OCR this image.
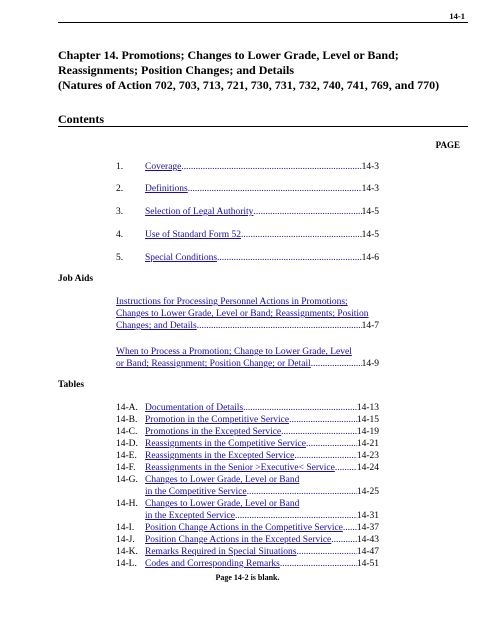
14-1
Chapter 14. Promotions; Changes to Lower Grade, Level or Band;
Reassignments; Position Changes; and Details
(Natures of Action 702, 703, 713, 721, 730, 731, 732, 740, 741, 769, and 770)
Contents
PAGE
1.	Coverage .....	14-3
2.	Definitions .....	14-3
3.	Selection of Legal Authority .....	14-5
4.	Use of Standard Form 52 .....	14-5
5.	Special Conditions .....	14-6
Job Aids
Instructions for Processing Personnel Actions in Promotions;
Changes to Lower Grade, Level or Band; Reassignments; Position
Changes; and Details .....	14-7
When to Process a Promotion; Change to Lower Grade, Level
or Band; Reassignment; Position Change; or Detail .....	14-9
Tables
14-A. Documentation of Details .....	14-13
14-B. Promotion in the Competitive Service .....	14-15
14-C. Promotions in the Excepted Service .....	14-19
14-D. Reassignments in the Competitive Service .....	14-21
14-E. Reassignments in the Excepted Service .....	14-23
14-F. Reassignments in the Senior >Executive< Service ..... 14-24
14-G. Changes to Lower Grade, Level or Band
in the Competitive Service .....	14-25
14-H. Changes to Lower Grade, Level or Band
in the Excepted Service .....	14-31
14-I.	Position Change Actions in the Competitive Service ..... 14-37
14-J.	Position Change Actions in the Excepted Service .....	14-43
14-K. Remarks Required in Special Situations .....	14-47
14-L. Codes and Corresponding Remarks .....	14-51
Page 14-2 is blank.
